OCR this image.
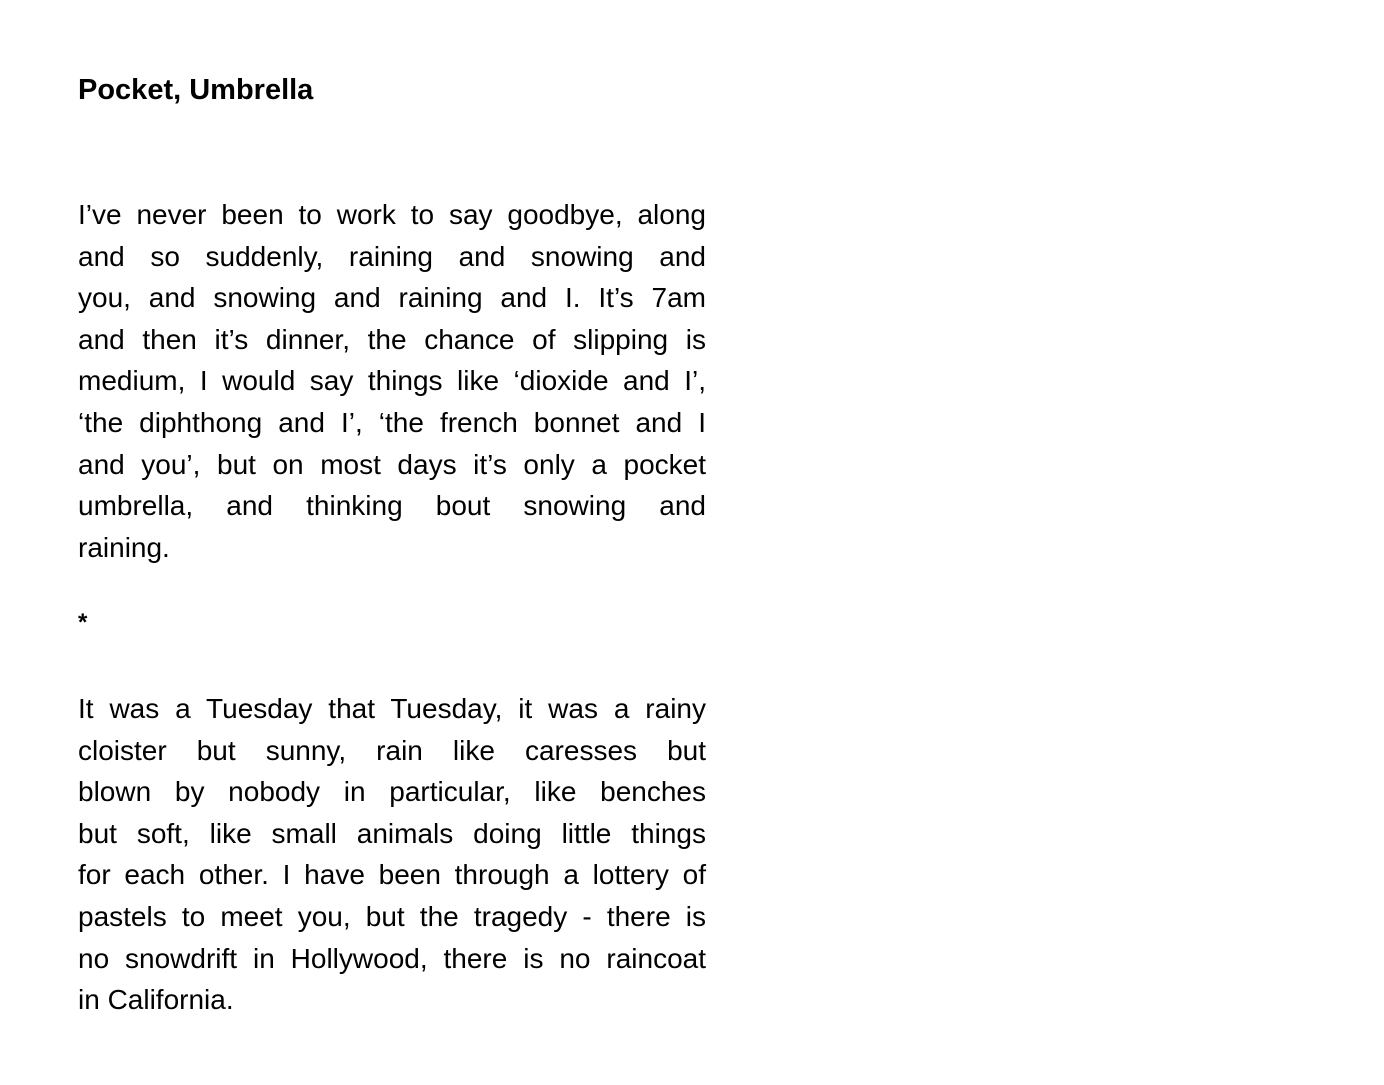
Pocket, Umbrella
I’ve never been to work to say goodbye, along
and so suddenly, raining and snowing and
you, and snowing and raining and I. It’s 7am
and then it’s dinner, the chance of slipping is
medium, I would say things like ‘dioxide and I’,
‘the diphthong and I’, ‘the french bonnet and I
and you’, but on most days it’s only a pocket
umbrella, and thinking bout snowing and
raining.
*
It was a Tuesday that Tuesday, it was a rainy
cloister but sunny, rain like caresses but
blown by nobody in particular, like benches
but soft, like small animals doing little things
for each other. I have been through a lottery of
pastels to meet you, but the tragedy - there is
no snowdrift in Hollywood, there is no raincoat
in California.
